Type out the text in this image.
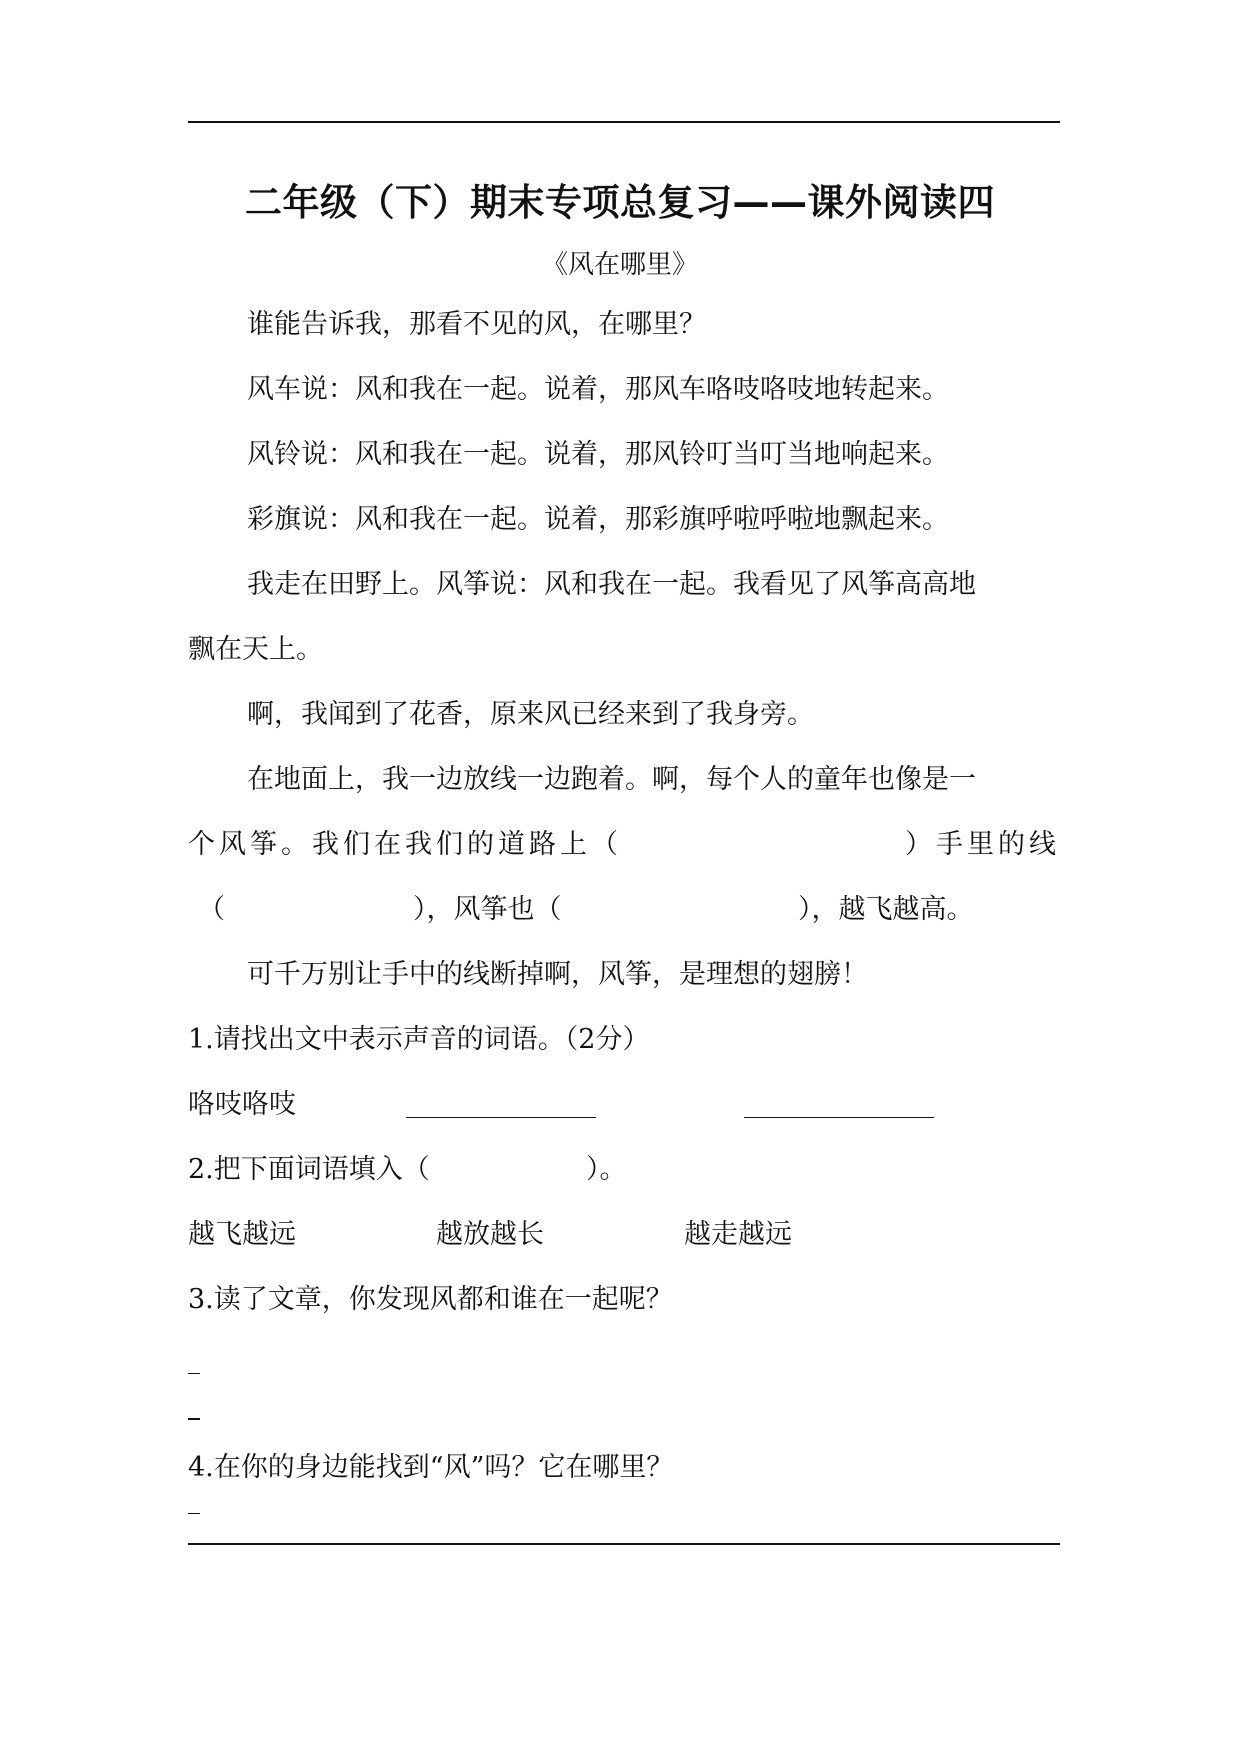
二年级（下）期末专项总复习——课外阅读四
《风在哪里》
谁能告诉我，那看不见的风，在哪里？
风车说：风和我在一起。说着，那风车咯吱咯吱地转起来。
风铃说：风和我在一起。说着，那风铃叮当叮当地响起来。
彩旗说：风和我在一起。说着，那彩旗呼啦呼啦地飘起来。
我走在田野上。风筝说：风和我在一起。我看见了风筝高高地
飘在天上。
啊，我闻到了花香，原来风已经来到了我身旁。
在地面上，我一边放线一边跑着。啊，每个人的童年也像是一
个风筝。我们在我们的道路上（	）手里的线
（	），风筝也（	），越飞越高。
可千万别让手中的线断掉啊，风筝，是理想的翅膀！
1.请找出文中表示声音的词语。（2分）
咯吱咯吱
2.把下面词语填入（	）。
越飞越远	越放越长	越走越远
3.读了文章，你发现风都和谁在一起呢？
4.在你的身边能找到“风”吗？它在哪里？
